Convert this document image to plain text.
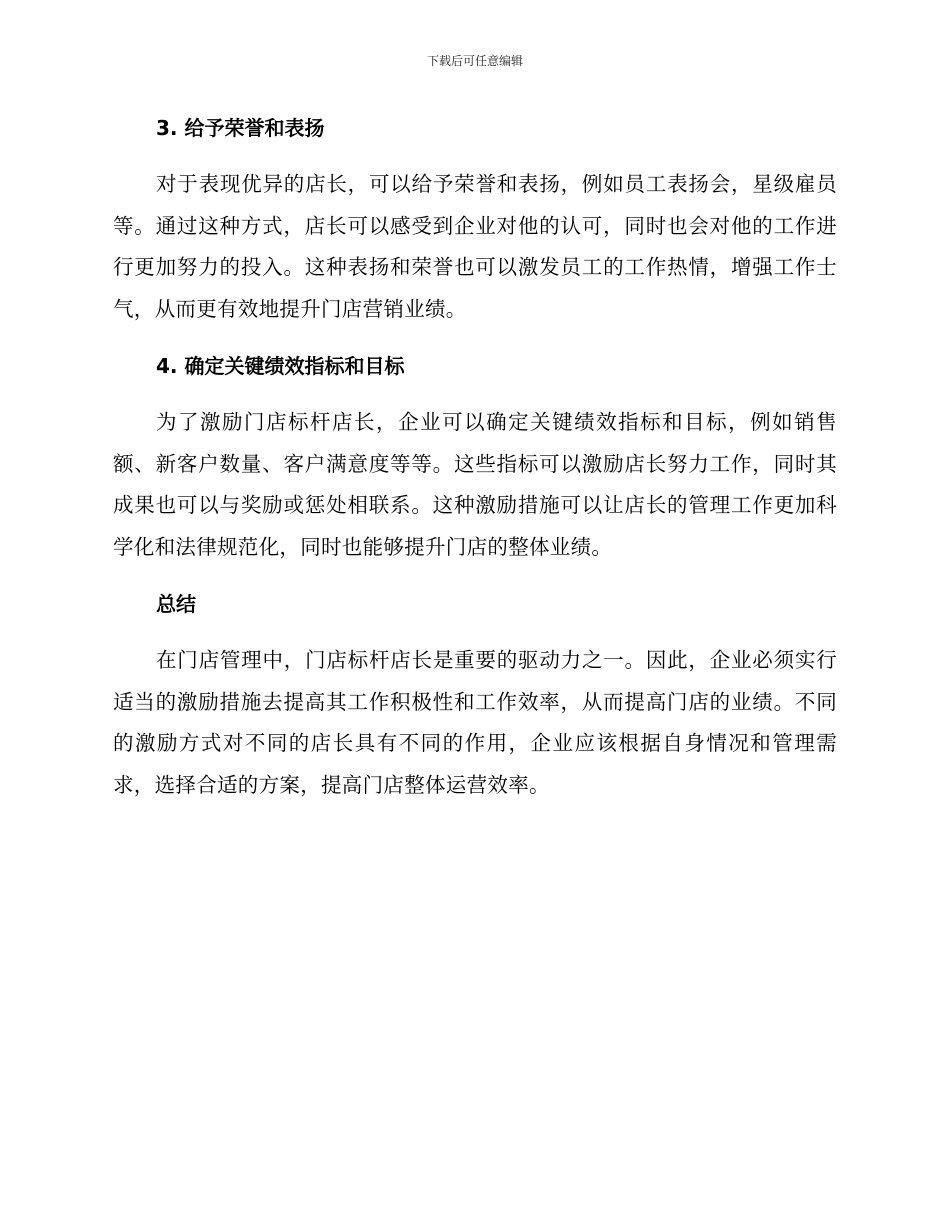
下载后可任意编辑
3. 给予荣誉和表扬

对于表现优异的店长，可以给予荣誉和表扬，例如员工表扬会，星级雇员等。通过这种方式，店长可以感受到企业对他的认可，同时也会对他的工作进行更加努力的投入。这种表扬和荣誉也可以激发员工的工作热情，增强工作士气，从而更有效地提升门店营销业绩。

4. 确定关键绩效指标和目标

为了激励门店标杆店长，企业可以确定关键绩效指标和目标，例如销售额、新客户数量、客户满意度等等。这些指标可以激励店长努力工作，同时其成果也可以与奖励或惩处相联系。这种激励措施可以让店长的管理工作更加科学化和法律规范化，同时也能够提升门店的整体业绩。

总结

在门店管理中，门店标杆店长是重要的驱动力之一。因此，企业必须实行适当的激励措施去提高其工作积极性和工作效率，从而提高门店的业绩。不同的激励方式对不同的店长具有不同的作用，企业应该根据自身情况和管理需求，选择合适的方案，提高门店整体运营效率。
